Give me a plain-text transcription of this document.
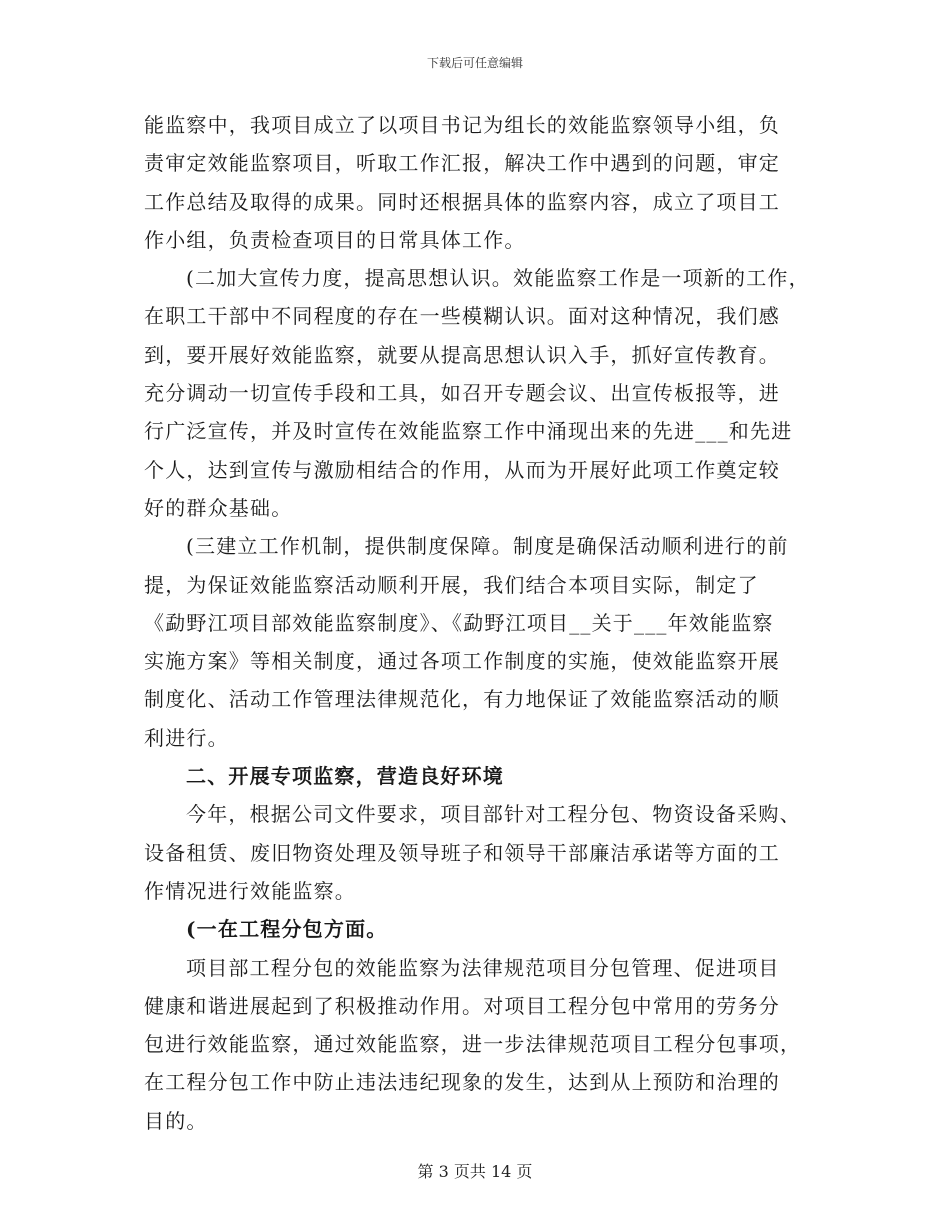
下载后可任意编辑
能监察中，我项目成立了以项目书记为组长的效能监察领导小组，负
责审定效能监察项目，听取工作汇报，解决工作中遇到的问题，审定
工作总结及取得的成果。同时还根据具体的监察内容，成立了项目工
作小组，负责检查项目的日常具体工作。
(二加大宣传力度，提高思想认识。效能监察工作是一项新的工作，
在职工干部中不同程度的存在一些模糊认识。面对这种情况，我们感
到，要开展好效能监察，就要从提高思想认识入手，抓好宣传教育。
充分调动一切宣传手段和工具，如召开专题会议、出宣传板报等，进
行广泛宣传，并及时宣传在效能监察工作中涌现出来的先进___和先进
个人，达到宣传与激励相结合的作用，从而为开展好此项工作奠定较
好的群众基础。
(三建立工作机制，提供制度保障。制度是确保活动顺利进行的前
提，为保证效能监察活动顺利开展，我们结合本项目实际，制定了
《勐野江项目部效能监察制度》、《勐野江项目__关于___年效能监察
实施方案》等相关制度，通过各项工作制度的实施，使效能监察开展
制度化、活动工作管理法律规范化，有力地保证了效能监察活动的顺
利进行。
二、开展专项监察，营造良好环境
今年，根据公司文件要求，项目部针对工程分包、物资设备采购、
设备租赁、废旧物资处理及领导班子和领导干部廉洁承诺等方面的工
作情况进行效能监察。
(一在工程分包方面。
项目部工程分包的效能监察为法律规范项目分包管理、促进项目
健康和谐进展起到了积极推动作用。对项目工程分包中常用的劳务分
包进行效能监察，通过效能监察，进一步法律规范项目工程分包事项，
在工程分包工作中防止违法违纪现象的发生，达到从上预防和治理的
目的。
第 3 页共 14 页
